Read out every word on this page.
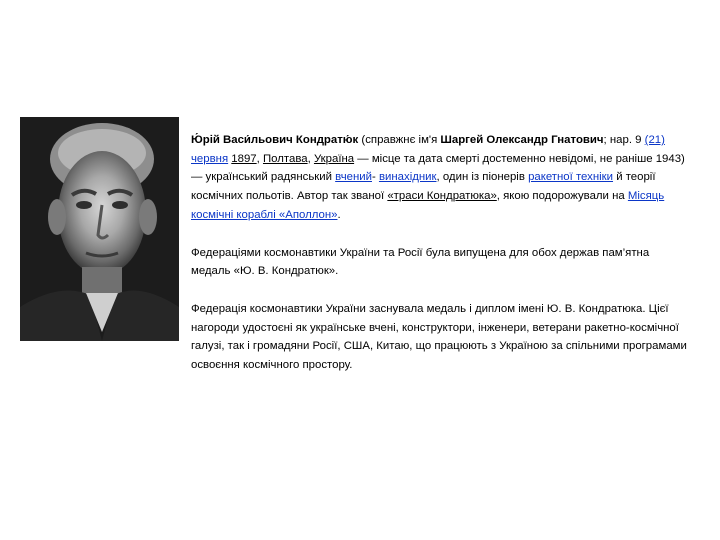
Ю́рій Васи́льович Кондратю́к (справжнє ім'я Шаргей Олександр Гнатович; нар. 9 (21) червня 1897, Полтава, Україна — місце та дата смерті достеменно невідомі, не раніше 1943) — український радянський вчений- винахідник, один із піонерів ракетної техніки й теорії космічних польотів. Автор так званої «траси Кондратюка», якою подорожували на Місяць космічні кораблі «Аполлон».

Федераціями космонавтики України та Росії була випущена для обох держав пам’ятна медаль «Ю. В. Кондратюк».

Федерація космонавтики України заснувала медаль і диплом імені Ю. В. Кондратюка. Цієї нагороди удостоєні як українське вчені, конструктори, інженери, ветерани ракетно-космічної галузі, так і громадяни Росії, США, Китаю, що працюють з Україною за спільними програмами освоєння космічного простору.
